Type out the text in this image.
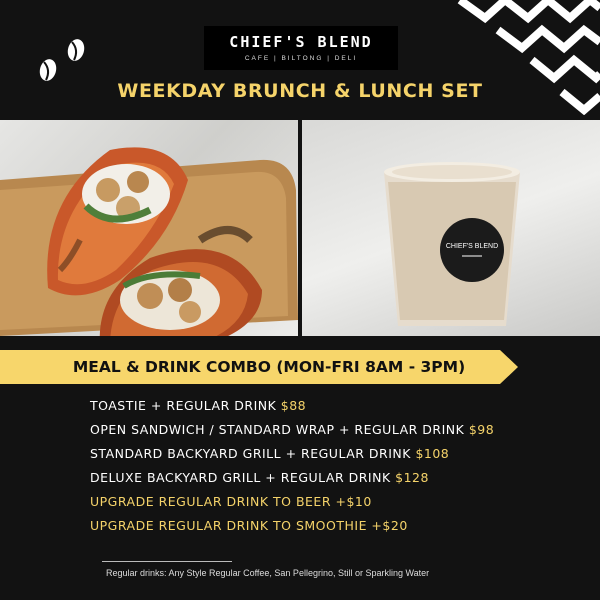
CHIEF'S BLEND
CAFE | BILTONG | DELI
WEEKDAY BRUNCH & LUNCH SET
CHIEF'S BLEND
MEAL & DRINK COMBO (MON-FRI 8AM - 3PM)
TOASTIE + REGULAR DRINK $88
OPEN SANDWICH / STANDARD WRAP + REGULAR DRINK $98
STANDARD BACKYARD GRILL + REGULAR DRINK $108
DELUXE BACKYARD GRILL + REGULAR DRINK $128
UPGRADE REGULAR DRINK TO BEER +$10
UPGRADE REGULAR DRINK TO SMOOTHIE +$20
Regular drinks: Any Style Regular Coffee, San Pellegrino, Still or Sparkling Water
